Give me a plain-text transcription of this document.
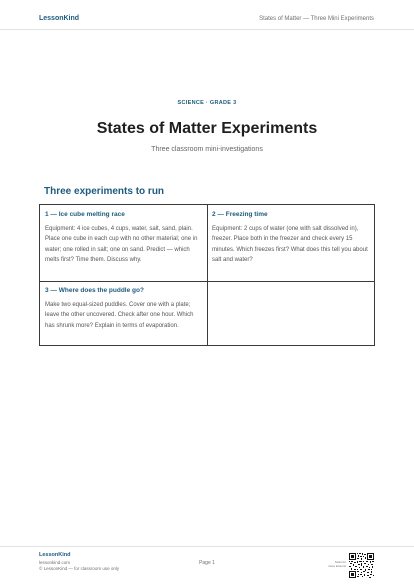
LessonKind	States of Matter — Three Mini Experiments
SCIENCE · GRADE 3
States of Matter Experiments
Three classroom mini-investigations
Three experiments to run
1 — Ice cube melting race
Equipment: 4 ice cubes, 4 cups, water, salt, sand, plain. Place one cube in each cup with no other material; one in water; one rolled in salt; one on sand. Predict — which melts first? Time them. Discuss why.
2 — Freezing time
Equipment: 2 cups of water (one with salt dissolved in), freezer. Place both in the freezer and check every 15 minutes. Which freezes first? What does this tell you about salt and water?
3 — Where does the puddle go?
Make two equal-sized puddles. Cover one with a plate; leave the other uncovered. Check after one hour. Which has shrunk more? Explain in terms of evaporation.
LessonKind
lessonkind.com
© LessonKind — for classroom use only
Page 1	Scan for
more lessons
